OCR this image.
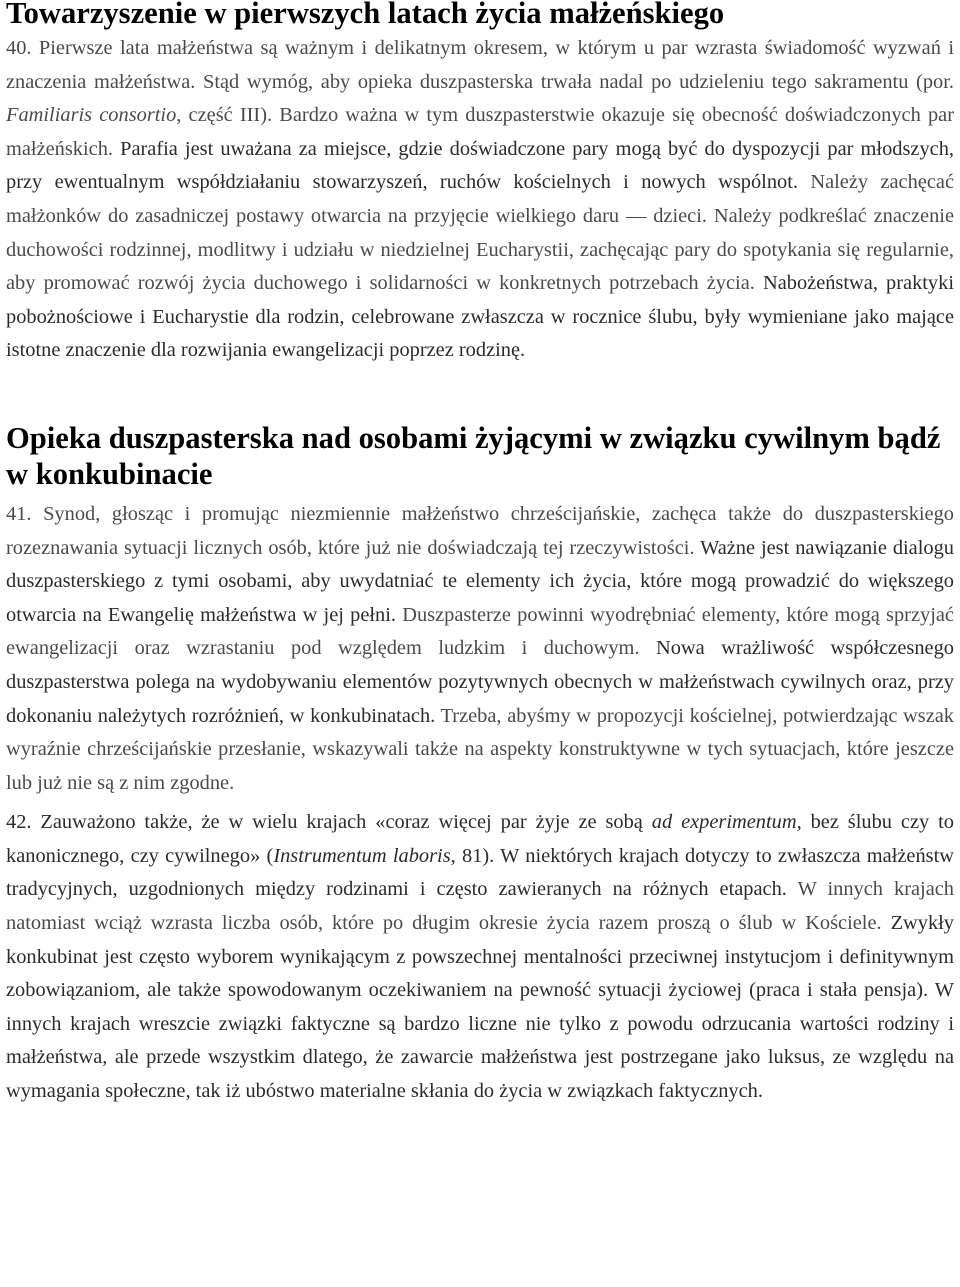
Towarzyszenie w pierwszych latach życia małżeńskiego

40. Pierwsze lata małżeństwa są ważnym i delikatnym okresem, w którym u par wzrasta świadomość wyzwań i znaczenia małżeństwa. Stąd wymóg, aby opieka duszpasterska trwała nadal po udzieleniu tego sakramentu (por. Familiaris consortio, część III). Bardzo ważna w tym duszpasterstwie okazuje się obecność doświadczonych par małżeńskich. Parafia jest uważana za miejsce, gdzie doświadczone pary mogą być do dyspozycji par młodszych, przy ewentualnym współdziałaniu stowarzyszeń, ruchów kościelnych i nowych wspólnot. Należy zachęcać małżonków do zasadniczej postawy otwarcia na przyjęcie wielkiego daru — dzieci. Należy podkreślać znaczenie duchowości rodzinnej, modlitwy i udziału w niedzielnej Eucharystii, zachęcając pary do spotykania się regularnie, aby promować rozwój życia duchowego i solidarności w konkretnych potrzebach życia. Nabożeństwa, praktyki pobożnościowe i Eucharystie dla rodzin, celebrowane zwłaszcza w rocznice ślubu, były wymieniane jako mające istotne znaczenie dla rozwijania ewangelizacji poprzez rodzinę.

Opieka duszpasterska nad osobami żyjącymi w związku cywilnym bądź w konkubinacie

41. Synod, głosząc i promując niezmiennie małżeństwo chrześcijańskie, zachęca także do duszpasterskiego rozeznawania sytuacji licznych osób, które już nie doświadczają tej rzeczywistości. Ważne jest nawiązanie dialogu duszpasterskiego z tymi osobami, aby uwydatniać te elementy ich życia, które mogą prowadzić do większego otwarcia na Ewangelię małżeństwa w jej pełni. Duszpasterze powinni wyodrębniać elementy, które mogą sprzyjać ewangelizacji oraz wzrastaniu pod względem ludzkim i duchowym. Nowa wrażliwość współczesnego duszpasterstwa polega na wydobywaniu elementów pozytywnych obecnych w małżeństwach cywilnych oraz, przy dokonaniu należytych rozróżnień, w konkubinatach. Trzeba, abyśmy w propozycji kościelnej, potwierdzając wszak wyraźnie chrześcijańskie przesłanie, wskazywali także na aspekty konstruktywne w tych sytuacjach, które jeszcze lub już nie są z nim zgodne.

42. Zauważono także, że w wielu krajach «coraz więcej par żyje ze sobą ad experimentum, bez ślubu czy to kanonicznego, czy cywilnego» (Instrumentum laboris, 81). W niektórych krajach dotyczy to zwłaszcza małżeństw tradycyjnych, uzgodnionych między rodzinami i często zawieranych na różnych etapach. W innych krajach natomiast wciąż wzrasta liczba osób, które po długim okresie życia razem proszą o ślub w Kościele. Zwykły konkubinat jest często wyborem wynikającym z powszechnej mentalności przeciwnej instytucjom i definitywnym zobowiązaniom, ale także spowodowanym oczekiwaniem na pewność sytuacji życiowej (praca i stała pensja). W innych krajach wreszcie związki faktyczne są bardzo liczne nie tylko z powodu odrzucania wartości rodziny i małżeństwa, ale przede wszystkim dlatego, że zawarcie małżeństwa jest postrzegane jako luksus, ze względu na wymagania społeczne, tak iż ubóstwo materialne skłania do życia w związkach faktycznych.
